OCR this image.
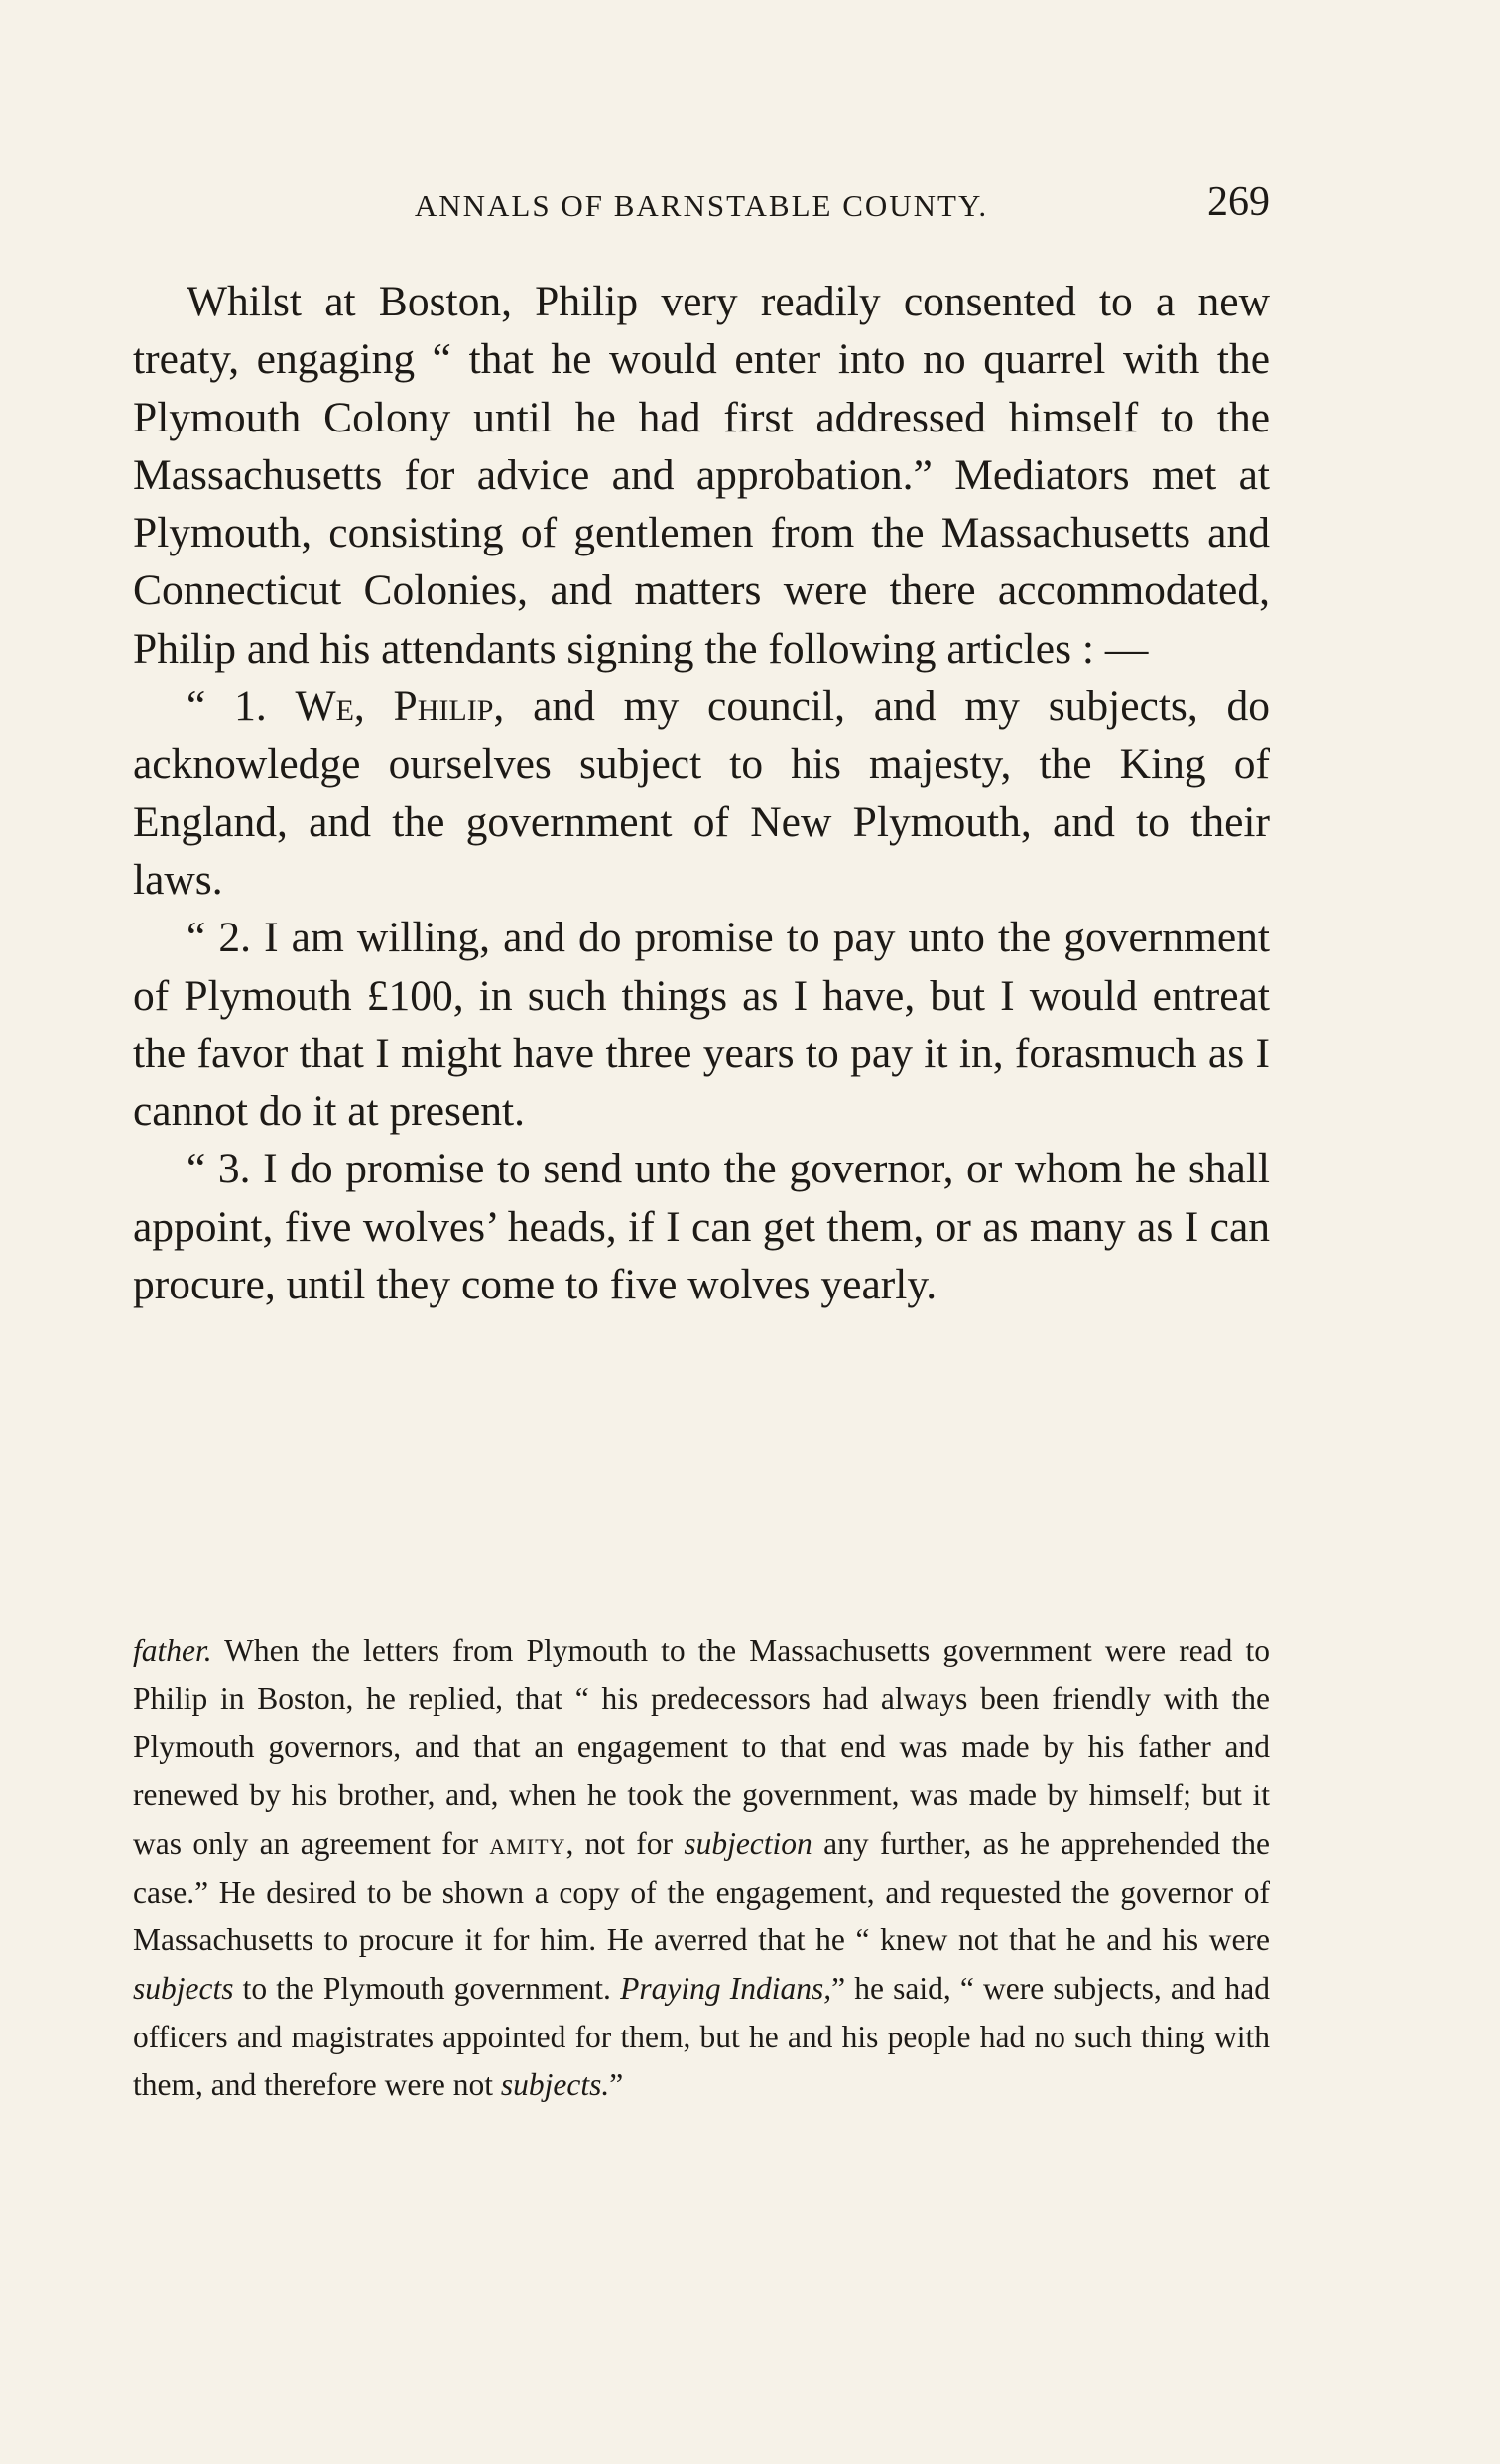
ANNALS OF BARNSTABLE COUNTY.	269

Whilst at Boston, Philip very readily consented to a new treaty, engaging “ that he would enter into no quarrel with the Plymouth Colony until he had first addressed himself to the Massachusetts for advice and approbation.” Mediators met at Plymouth, consisting of gentlemen from the Massachusetts and Connecticut Colonies, and matters were there accommodated, Philip and his attendants signing the following articles : —

“ 1. We, Philip, and my council, and my subjects, do acknowledge ourselves subject to his majesty, the King of England, and the government of New Plymouth, and to their laws.

“ 2. I am willing, and do promise to pay unto the government of Plymouth £100, in such things as I have, but I would entreat the favor that I might have three years to pay it in, forasmuch as I cannot do it at present.

“ 3. I do promise to send unto the governor, or whom he shall appoint, five wolves’ heads, if I can get them, or as many as I can procure, until they come to five wolves yearly.

father. When the letters from Plymouth to the Massachusetts government were read to Philip in Boston, he replied, that “ his predecessors had always been friendly with the Plymouth governors, and that an engagement to that end was made by his father and renewed by his brother, and, when he took the government, was made by himself; but it was only an agreement for amity, not for subjection any further, as he apprehended the case.” He desired to be shown a copy of the engagement, and requested the governor of Massachusetts to procure it for him. He averred that he “ knew not that he and his were subjects to the Plymouth government. Praying Indians,” he said, “ were subjects, and had officers and magistrates appointed for them, but he and his people had no such thing with them, and therefore were not subjects.”
